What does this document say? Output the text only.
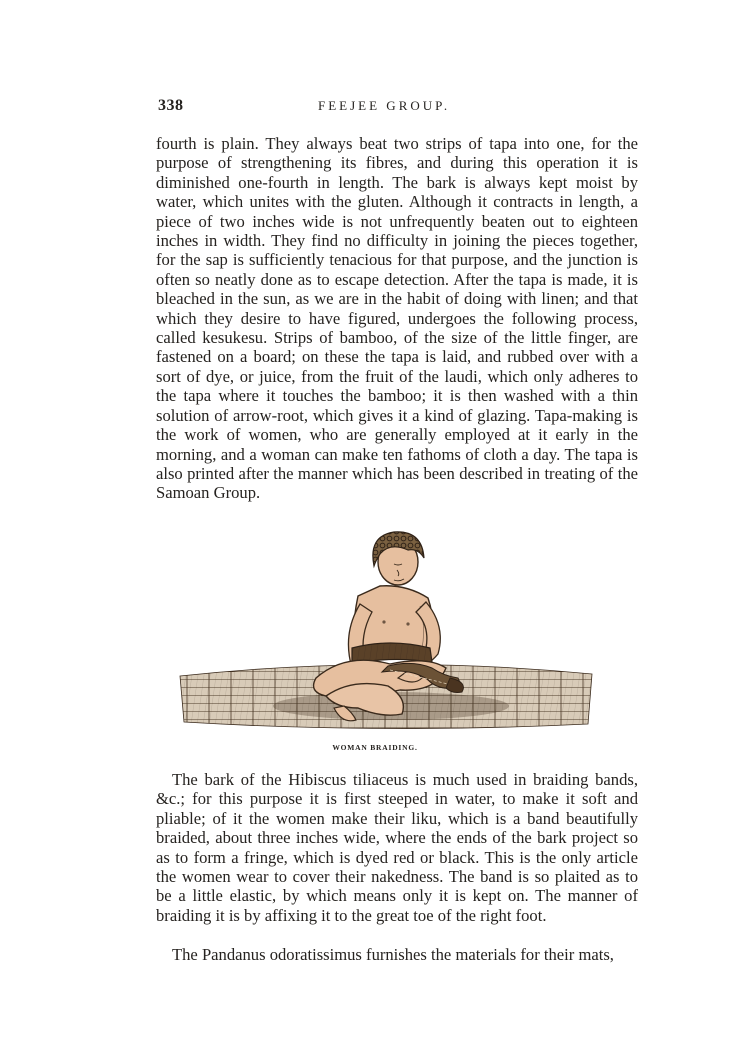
338	FEEJEE GROUP.
fourth is plain. They always beat two strips of tapa into one, for the purpose of strengthening its fibres, and during this operation it is diminished one-fourth in length. The bark is always kept moist by water, which unites with the gluten. Although it contracts in length, a piece of two inches wide is not unfrequently beaten out to eighteen inches in width. They find no difficulty in joining the pieces together, for the sap is sufficiently tenacious for that purpose, and the junction is often so neatly done as to escape detection. After the tapa is made, it is bleached in the sun, as we are in the habit of doing with linen; and that which they desire to have figured, undergoes the following process, called kesukesu. Strips of bamboo, of the size of the little finger, are fastened on a board; on these the tapa is laid, and rubbed over with a sort of dye, or juice, from the fruit of the laudi, which only adheres to the tapa where it touches the bamboo; it is then washed with a thin solution of arrow-root, which gives it a kind of glazing. Tapa-making is the work of women, who are generally employed at it early in the morning, and a woman can make ten fathoms of cloth a day. The tapa is also printed after the manner which has been described in treating of the Samoan Group.
WOMAN BRAIDING.
The bark of the Hibiscus tiliaceus is much used in braiding bands, &c.; for this purpose it is first steeped in water, to make it soft and pliable; of it the women make their liku, which is a band beautifully braided, about three inches wide, where the ends of the bark project so as to form a fringe, which is dyed red or black. This is the only article the women wear to cover their nakedness. The band is so plaited as to be a little elastic, by which means only it is kept on. The manner of braiding it is by affixing it to the great toe of the right foot.
The Pandanus odoratissimus furnishes the materials for their mats,
